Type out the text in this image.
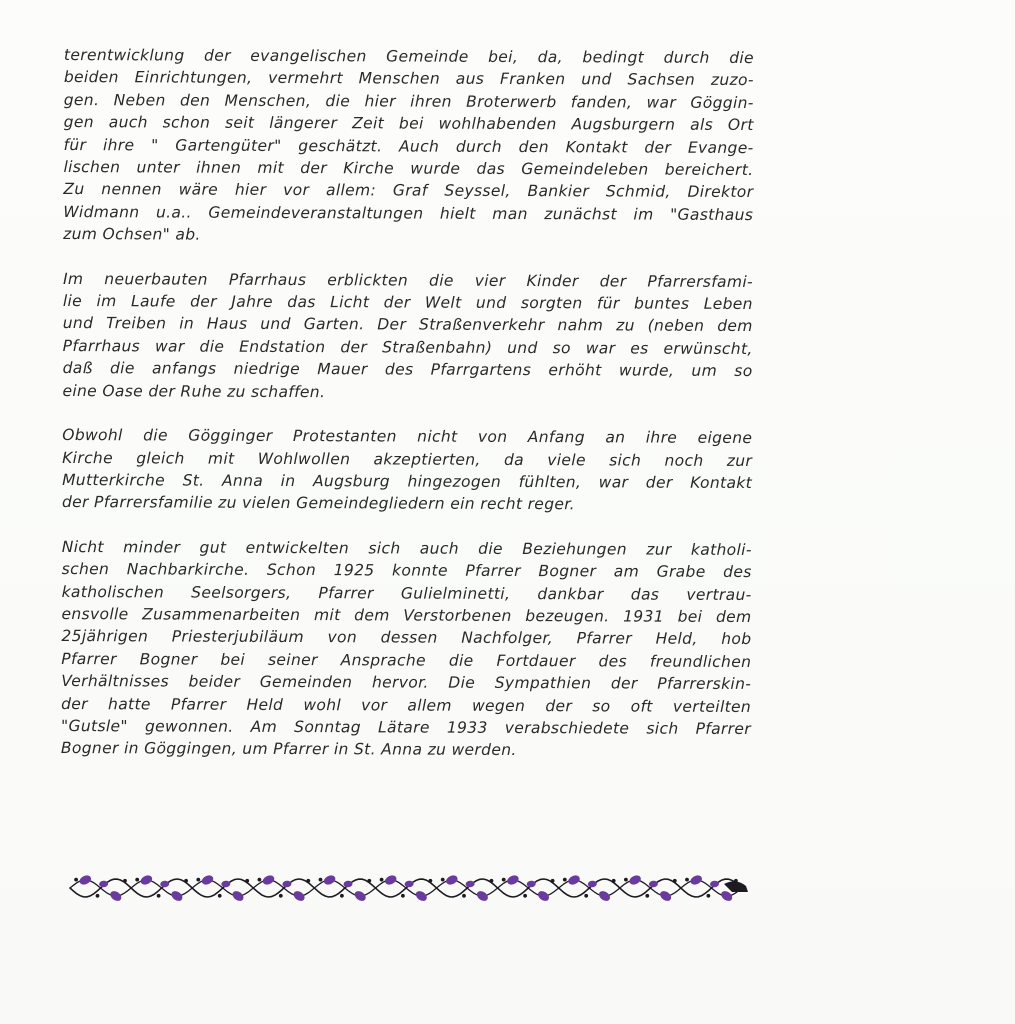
terentwicklung der evangelischen Gemeinde bei, da, bedingt durch die
beiden Einrichtungen, vermehrt Menschen aus Franken und Sachsen zuzo-
gen. Neben den Menschen, die hier ihren Broterwerb fanden, war Göggin-
gen auch schon seit längerer Zeit bei wohlhabenden Augsburgern als Ort
für ihre " Gartengüter" geschätzt. Auch durch den Kontakt der Evange-
lischen unter ihnen mit der Kirche wurde das Gemeindeleben bereichert.
Zu nennen wäre hier vor allem: Graf Seyssel, Bankier Schmid, Direktor
Widmann u.a.. Gemeindeveranstaltungen hielt man zunächst im "Gasthaus
zum Ochsen" ab.
Im neuerbauten Pfarrhaus erblickten die vier Kinder der Pfarrersfami-
lie im Laufe der Jahre das Licht der Welt und sorgten für buntes Leben
und Treiben in Haus und Garten. Der Straßenverkehr nahm zu (neben dem
Pfarrhaus war die Endstation der Straßenbahn) und so war es erwünscht,
daß die anfangs niedrige Mauer des Pfarrgartens erhöht wurde, um so
eine Oase der Ruhe zu schaffen.
Obwohl die Gögginger Protestanten nicht von Anfang an ihre eigene
Kirche gleich mit Wohlwollen akzeptierten, da viele sich noch zur
Mutterkirche St. Anna in Augsburg hingezogen fühlten, war der Kontakt
der Pfarrersfamilie zu vielen Gemeindegliedern ein recht reger.
Nicht minder gut entwickelten sich auch die Beziehungen zur katholi-
schen Nachbarkirche. Schon 1925 konnte Pfarrer Bogner am Grabe des
katholischen Seelsorgers, Pfarrer Gulielminetti, dankbar das vertrau-
ensvolle Zusammenarbeiten mit dem Verstorbenen bezeugen. 1931 bei dem
25jährigen Priesterjubiläum von dessen Nachfolger, Pfarrer Held, hob
Pfarrer Bogner bei seiner Ansprache die Fortdauer des freundlichen
Verhältnisses beider Gemeinden hervor. Die Sympathien der Pfarrerskin-
der hatte Pfarrer Held wohl vor allem wegen der so oft verteilten
"Gutsle" gewonnen. Am Sonntag Lätare 1933 verabschiedete sich Pfarrer
Bogner in Göggingen, um Pfarrer in St. Anna zu werden.
